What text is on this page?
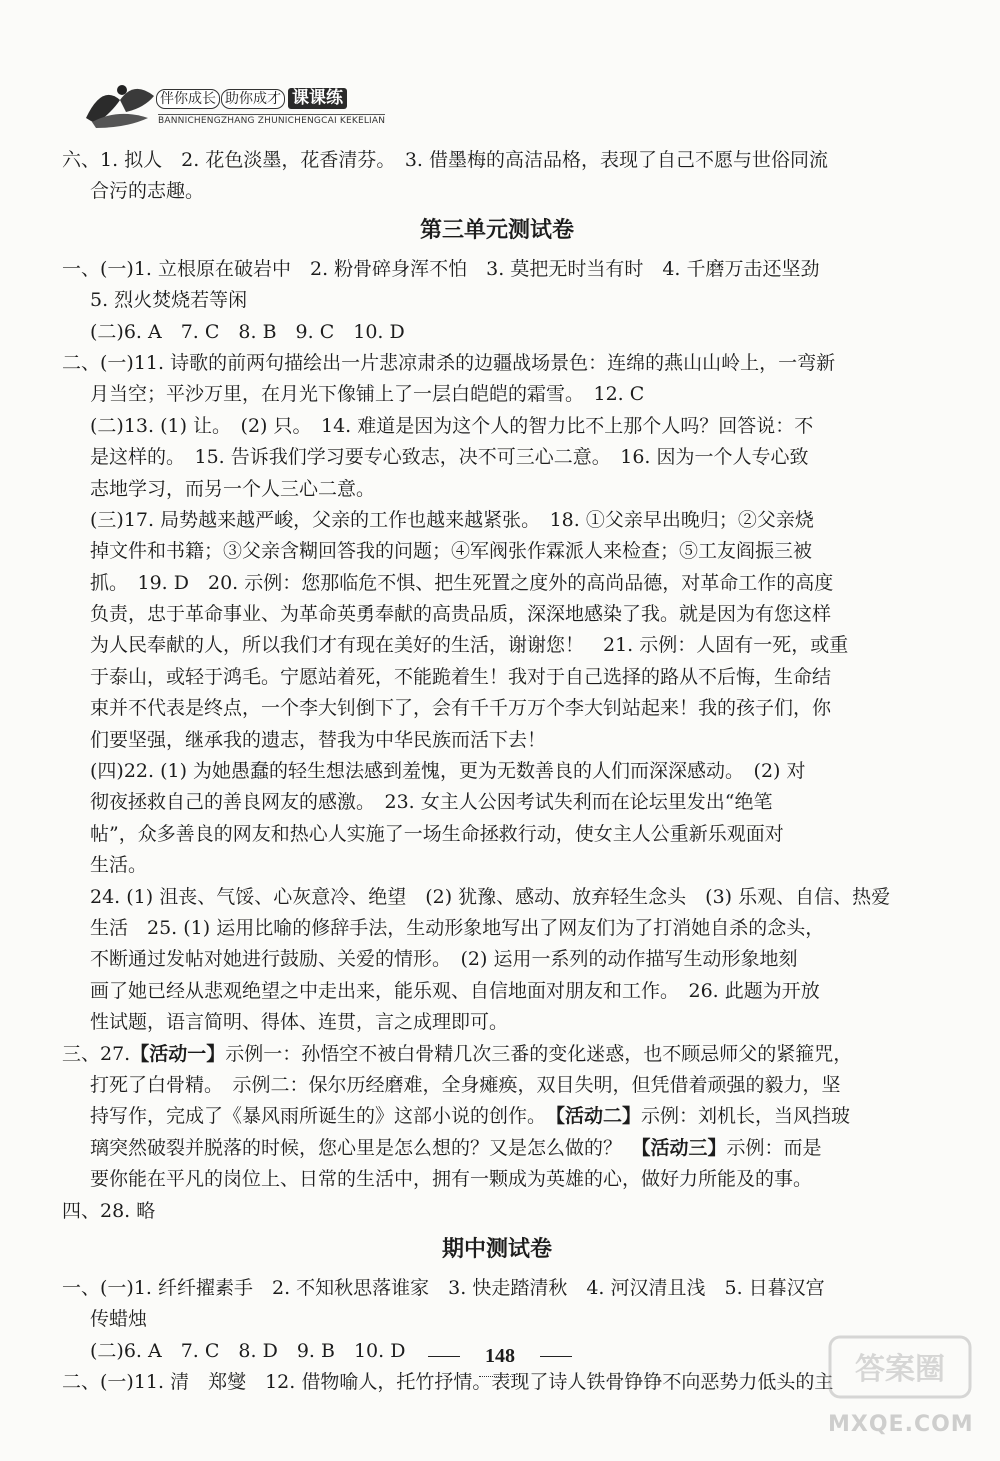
伴你成长 助你成才 课课练
BANNICHENGZHANG ZHUNICHENGCAI KEKELIAN
六、1. 拟人　2. 花色淡墨，花香清芬。　3. 借墨梅的高洁品格，表现了自己不愿与世俗同流
合污的志趣。
第三单元测试卷
一、(一)1. 立根原在破岩中　2. 粉骨碎身浑不怕　3. 莫把无时当有时　4. 千磨万击还坚劲
5. 烈火焚烧若等闲
(二)6. A　7. C　8. B　9. C　10. D
二、(一)11. 诗歌的前两句描绘出一片悲凉肃杀的边疆战场景色：连绵的燕山山岭上，一弯新
月当空；平沙万里，在月光下像铺上了一层白皑皑的霜雪。　12. C
(二)13. (1) 让。　(2) 只。　14. 难道是因为这个人的智力比不上那个人吗？回答说：不
是这样的。　15. 告诉我们学习要专心致志，决不可三心二意。　16. 因为一个人专心致
志地学习，而另一个人三心二意。
(三)17. 局势越来越严峻，父亲的工作也越来越紧张。　18. ①父亲早出晚归；②父亲烧
掉文件和书籍；③父亲含糊回答我的问题；④军阀张作霖派人来检查；⑤工友阎振三被
抓。　19. D　20. 示例：您那临危不惧、把生死置之度外的高尚品德，对革命工作的高度
负责，忠于革命事业、为革命英勇奉献的高贵品质，深深地感染了我。就是因为有您这样
为人民奉献的人，所以我们才有现在美好的生活，谢谢您！　21. 示例：人固有一死，或重
于泰山，或轻于鸿毛。宁愿站着死，不能跪着生！我对于自己选择的路从不后悔，生命结
束并不代表是终点，一个李大钊倒下了，会有千千万万个李大钊站起来！我的孩子们，你
们要坚强，继承我的遗志，替我为中华民族而活下去！
(四)22. (1) 为她愚蠢的轻生想法感到羞愧，更为无数善良的人们而深深感动。　(2) 对
彻夜拯救自己的善良网友的感激。　23. 女主人公因考试失利而在论坛里发出“绝笔
帖”，众多善良的网友和热心人实施了一场生命拯救行动，使女主人公重新乐观面对
生活。
24. (1) 沮丧、气馁、心灰意冷、绝望　(2) 犹豫、感动、放弃轻生念头　(3) 乐观、自信、热爱
生活　25. (1) 运用比喻的修辞手法，生动形象地写出了网友们为了打消她自杀的念头，
不断通过发帖对她进行鼓励、关爱的情形。　(2) 运用一系列的动作描写生动形象地刻
画了她已经从悲观绝望之中走出来，能乐观、自信地面对朋友和工作。　26. 此题为开放
性试题，语言简明、得体、连贯，言之成理即可。
三、27.【活动一】示例一：孙悟空不被白骨精几次三番的变化迷惑，也不顾忌师父的紧箍咒，
打死了白骨精。　示例二：保尔历经磨难，全身瘫痪，双目失明，但凭借着顽强的毅力，坚
持写作，完成了《暴风雨所诞生的》这部小说的创作。　【活动二】示例：刘机长，当风挡玻
璃突然破裂并脱落的时候，您心里是怎么想的？又是怎么做的？　【活动三】示例：而是
要你能在平凡的岗位上、日常的生活中，拥有一颗成为英雄的心，做好力所能及的事。
四、28. 略
期中测试卷
一、(一)1. 纤纤擢素手　2. 不知秋思落谁家　3. 快走踏清秋　4. 河汉清且浅　5. 日暮汉宫
传蜡烛
(二)6. A　7. C　8. D　9. B　10. D
二、(一)11. 清　郑燮　12. 借物喻人，托竹抒情。表现了诗人铁骨铮铮不向恶势力低头的主
148	答案圈
MXQE.COM
